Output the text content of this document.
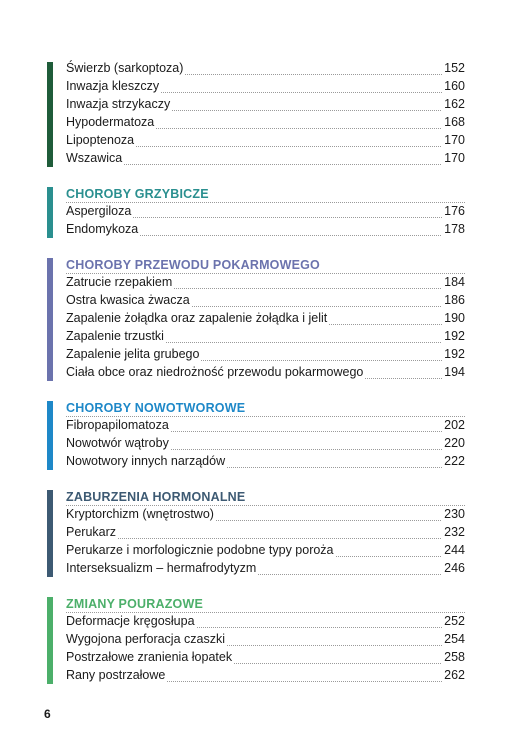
Świerzb (sarkoptoza)	152
Inwazja kleszczy	160
Inwazja strzykaczy	162
Hypodermatoza	168
Lipoptenoza	170
Wszawica	170
CHOROBY GRZYBICZE
Aspergiloza	176
Endomykoza	178
CHOROBY PRZEWODU POKARMOWEGO
Zatrucie rzepakiem	184
Ostra kwasica żwacza	186
Zapalenie żołądka oraz zapalenie żołądka i jelit	190
Zapalenie trzustki	192
Zapalenie jelita grubego	192
Ciała obce oraz niedrożność przewodu pokarmowego	194
CHOROBY NOWOTWOROWE
Fibropapilomatoza	202
Nowotwór wątroby	220
Nowotwory innych narządów	222
ZABURZENIA HORMONALNE
Kryptorchizm (wnętrostwo)	230
Perukarz	232
Perukarze i morfologicznie podobne typy poroża	244
Interseksualizm – hermafrodytyzm	246
ZMIANY POURAZOWE
Deformacje kręgosłupa	252
Wygojona perforacja czaszki	254
Postrzałowe zranienia łopatek	258
Rany postrzałowe	262
6
